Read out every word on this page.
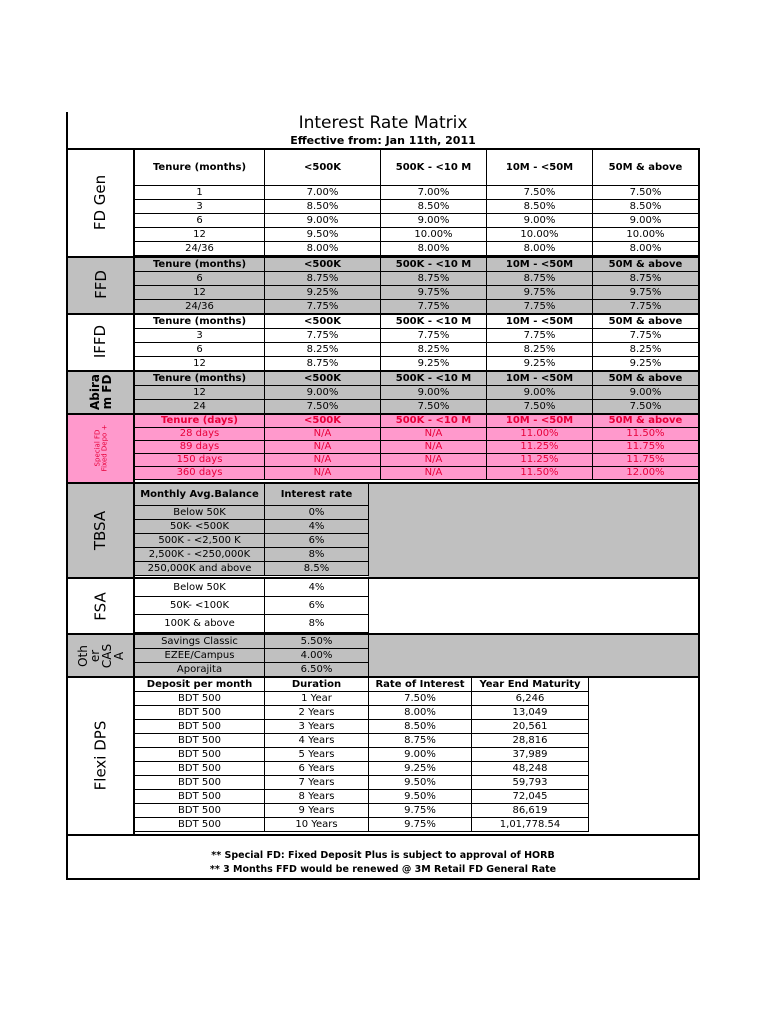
Interest Rate Matrix
Effective from: Jan 11th, 2011
FD Gen
FFD
IFFD
Abira
m FD
Special FD
Fixed Depo +
TBSA
FSA
Oth
er
CAS
A
Flexi DPS
Tenure (months)	<500K	500K - <10 M	10M - <50M	50M & above
1	7.00%	7.00%	7.50%	7.50%
3	8.50%	8.50%	8.50%	8.50%
6	9.00%	9.00%	9.00%	9.00%
12	9.50%	10.00%	10.00%	10.00%
24/36	8.00%	8.00%	8.00%	8.00%
Tenure (months)	<500K	500K - <10 M	10M - <50M	50M & above
6	8.75%	8.75%	8.75%	8.75%
12	9.25%	9.75%	9.75%	9.75%
24/36	7.75%	7.75%	7.75%	7.75%
Tenure (months)	<500K	500K - <10 M	10M - <50M	50M & above
3	7.75%	7.75%	7.75%	7.75%
6	8.25%	8.25%	8.25%	8.25%
12	8.75%	9.25%	9.25%	9.25%
Tenure (months)	<500K	500K - <10 M	10M - <50M	50M & above
12	9.00%	9.00%	9.00%	9.00%
24	7.50%	7.50%	7.50%	7.50%
Tenure (days)	<500K	500K - <10 M	10M - <50M	50M & above
28 days	N/A	N/A	11.00%	11.50%
89 days	N/A	N/A	11.25%	11.75%
150 days	N/A	N/A	11.25%	11.75%
360 days	N/A	N/A	11.50%	12.00%
Monthly Avg.Balance	Interest rate
Below 50K	0%
50K- <500K	4%
500K - <2,500 K	6%
2,500K - <250,000K	8%
250,000K and above	8.5%
Below 50K	4%
50K- <100K	6%
100K & above	8%
Savings Classic	5.50%
EZEE/Campus	4.00%
Aporajita	6.50%
Deposit per month	Duration	Rate of Interest	Year End Maturity
BDT 500	1 Year	7.50%	6,246
BDT 500	2 Years	8.00%	13,049
BDT 500	3 Years	8.50%	20,561
BDT 500	4 Years	8.75%	28,816
BDT 500	5 Years	9.00%	37,989
BDT 500	6 Years	9.25%	48,248
BDT 500	7 Years	9.50%	59,793
BDT 500	8 Years	9.50%	72,045
BDT 500	9 Years	9.75%	86,619
BDT 500	10 Years	9.75%	1,01,778.54
** Special FD: Fixed Deposit Plus is subject to approval of HORB
** 3 Months FFD would be renewed @ 3M Retail FD General Rate
